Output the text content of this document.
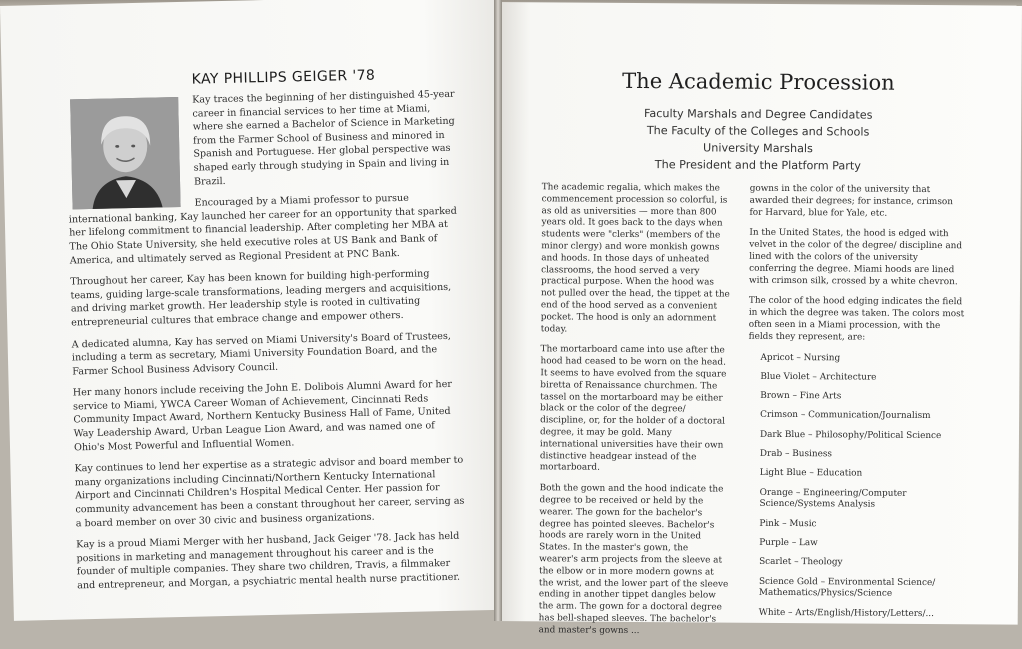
KAY PHILLIPS GEIGER '78

Kay traces the beginning of her distinguished 45-year career in financial services to her time at Miami, where she earned a Bachelor of Science in Marketing from the Farmer School of Business and minored in Spanish and Portuguese. Her global perspective was shaped early through studying in Spain and living in Brazil.

Encouraged by a Miami professor to pursue international banking, Kay launched her career for an opportunity that sparked her lifelong commitment to financial leadership. After completing her MBA at The Ohio State University, she held executive roles at US Bank and Bank of America, and ultimately served as Regional President at PNC Bank.

Throughout her career, Kay has been known for building high-performing teams, guiding large-scale transformations, leading mergers and acquisitions, and driving market growth. Her leadership style is rooted in cultivating entrepreneurial cultures that embrace change and empower others.

A dedicated alumna, Kay has served on Miami University's Board of Trustees, including a term as secretary, Miami University Foundation Board, and the Farmer School Business Advisory Council.

Her many honors include receiving the John E. Dolibois Alumni Award for her service to Miami, YWCA Career Woman of Achievement, Cincinnati Reds Community Impact Award, Northern Kentucky Business Hall of Fame, United Way Leadership Award, Urban League Lion Award, and was named one of Ohio's Most Powerful and Influential Women.

Kay continues to lend her expertise as a strategic advisor and board member to many organizations including Cincinnati/Northern Kentucky International Airport and Cincinnati Children's Hospital Medical Center. Her passion for community advancement has been a constant throughout her career, serving as a board member on over 30 civic and business organizations.

Kay is a proud Miami Merger with her husband, Jack Geiger '78. Jack has held positions in marketing and management throughout his career and is the founder of multiple companies. They share two children, Travis, a filmmaker and entrepreneur, and Morgan, a psychiatric mental health nurse practitioner.

The Academic Procession
Faculty Marshals and Degree Candidates
The Faculty of the Colleges and Schools
University Marshals
The President and the Platform Party

The academic regalia, which makes the commencement procession so colorful, is as old as universities — more than 800 years old. It goes back to the days when students were "clerks" (members of the minor clergy) and wore monkish gowns and hoods. In those days of unheated classrooms, the hood served a very practical purpose. When the hood was not pulled over the head, the tippet at the end of the hood served as a convenient pocket. The hood is only an adornment today.

The mortarboard came into use after the hood had ceased to be worn on the head. It seems to have evolved from the square biretta of Renaissance churchmen. The tassel on the mortarboard may be either black or the color of the degree/ discipline, or, for the holder of a doctoral degree, it may be gold. Many international universities have their own distinctive headgear instead of the mortarboard.

Both the gown and the hood indicate the degree to be received or held by the wearer. The gown for the bachelor's degree has pointed sleeves. Bachelor's hoods are rarely worn in the United States. In the master's gown, the wearer's arm projects from the sleeve at the elbow or in more modern gowns at the wrist, and the lower part of the sleeve ending in another tippet dangles below the arm. The gown for a doctoral degree has bell-shaped sleeves. The bachelor's and master's gowns ...

gowns in the color of the university that awarded their degrees; for instance, crimson for Harvard, blue for Yale, etc.

In the United States, the hood is edged with velvet in the color of the degree/ discipline and lined with the colors of the university conferring the degree. Miami hoods are lined with crimson silk, crossed by a white chevron.

The color of the hood edging indicates the field in which the degree was taken. The colors most often seen in a Miami procession, with the fields they represent, are:

Apricot – Nursing
Blue Violet – Architecture
Brown – Fine Arts
Crimson – Communication/Journalism
Dark Blue – Philosophy/Political Science
Drab – Business
Light Blue – Education
Orange – Engineering/Computer Science/Systems Analysis
Pink – Music
Purple – Law
Scarlet – Theology
Science Gold – Environmental Science/ Mathematics/Physics/Science
White – Arts/English/History/Letters/...
